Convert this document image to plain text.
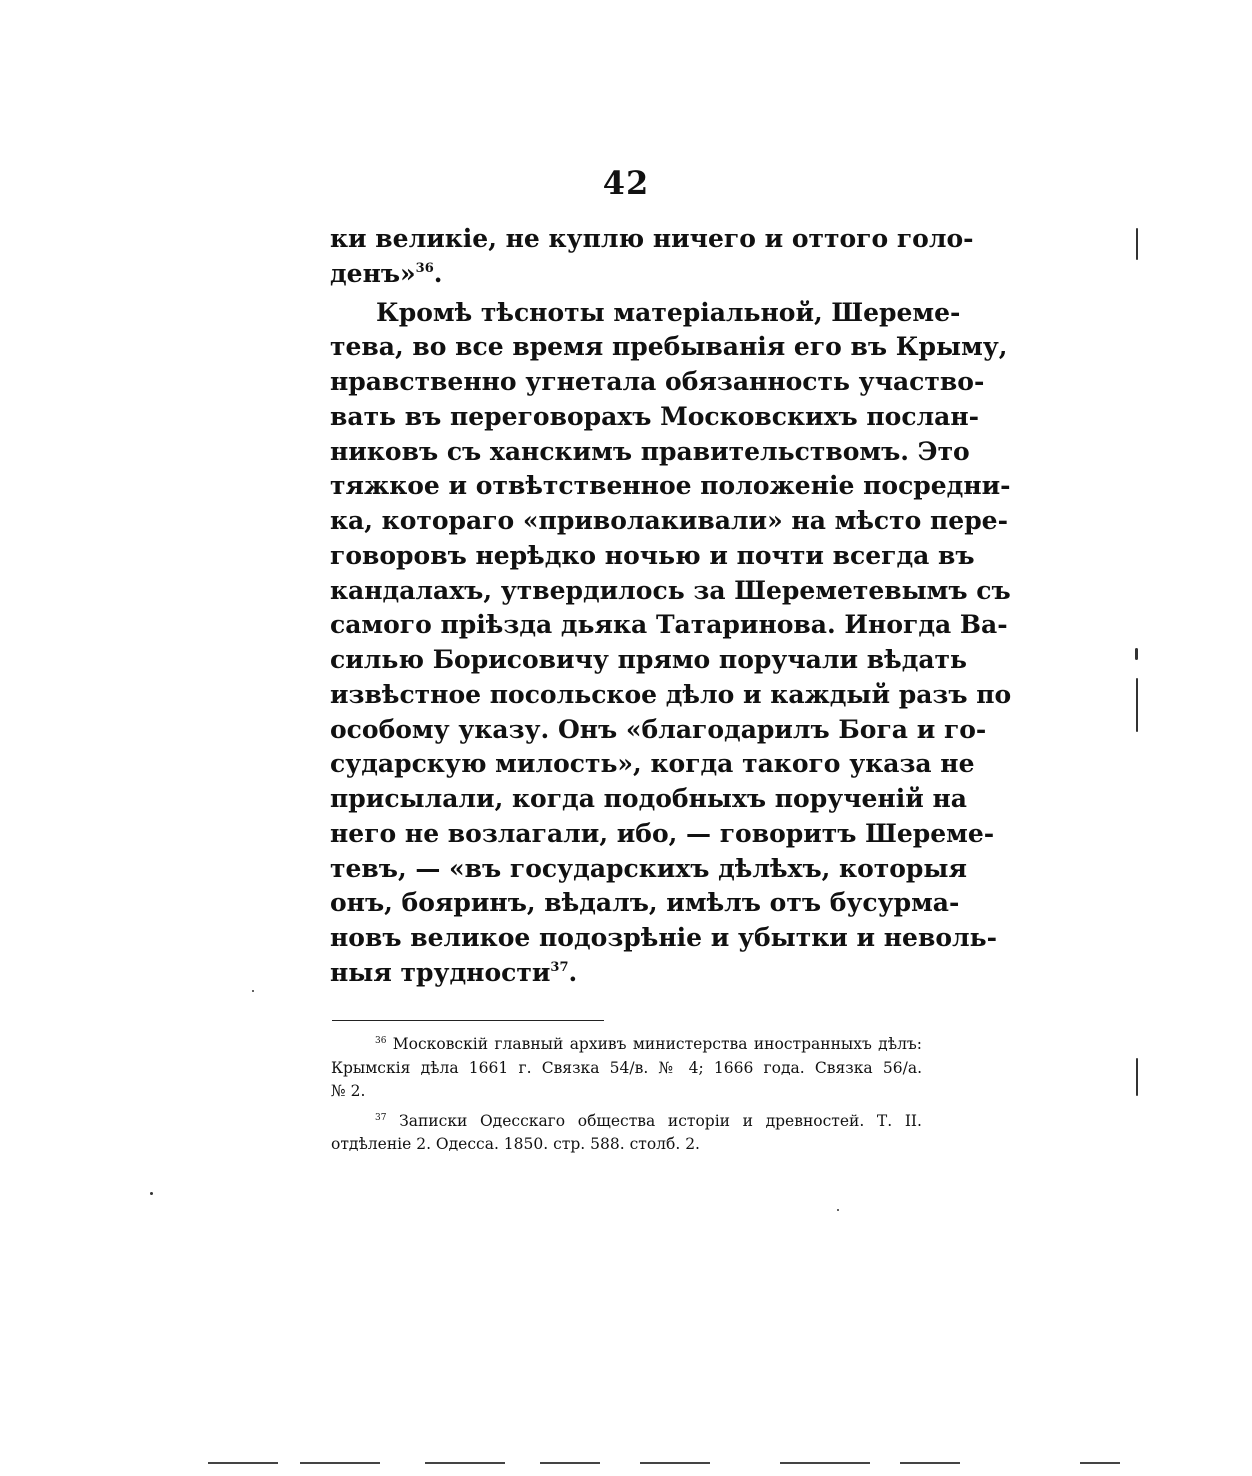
42
ки великіе, не куплю ничего и оттого голо-
денъ»$^{36}$.
Кромѣ тѣсноты матеріальной, Шереме-
тева, во все время пребыванія его въ Крыму,
нравственно угнетала обязанность участво-
вать въ переговорахъ Московскихъ послан-
никовъ съ ханскимъ правительствомъ. Это
тяжкое и отвѣтственное положеніе посредни-
ка, котораго «приволакивали» на мѣсто пере-
говоровъ нерѣдко ночью и почти всегда въ
кандалахъ, утвердилось за Шереметевымъ съ
самого пріѣзда дьяка Татаринова. Иногда Ва-
силью Борисовичу прямо поручали вѣдать
извѣстное посольское дѣло и каждый разъ по
особому указу. Онъ «благодарилъ Бога и го-
сударскую милость», когда такого указа не
присылали, когда подобныхъ порученій на
него не возлагали, ибо, — говоритъ Шереме-
тевъ, — «въ государскихъ дѣлѣхъ, которыя
онъ, бояринъ, вѣдалъ, имѣлъ отъ бусурма-
новъ великое подозрѣніе и убытки и неволь-
ныя трудности$^{37}$.
$^{36}$ Московскій главный архивъ министерства иностранныхъ дѣлъ:
Крымскія дѣла 1661 г. Связка 54/в. № 4; 1666 года. Связка 56/а.
№ 2.
$^{37}$ Записки Одесскаго общества исторіи и древностей. Т. II.
отдѣленіе 2. Одесса. 1850. стр. 588. столб. 2.
